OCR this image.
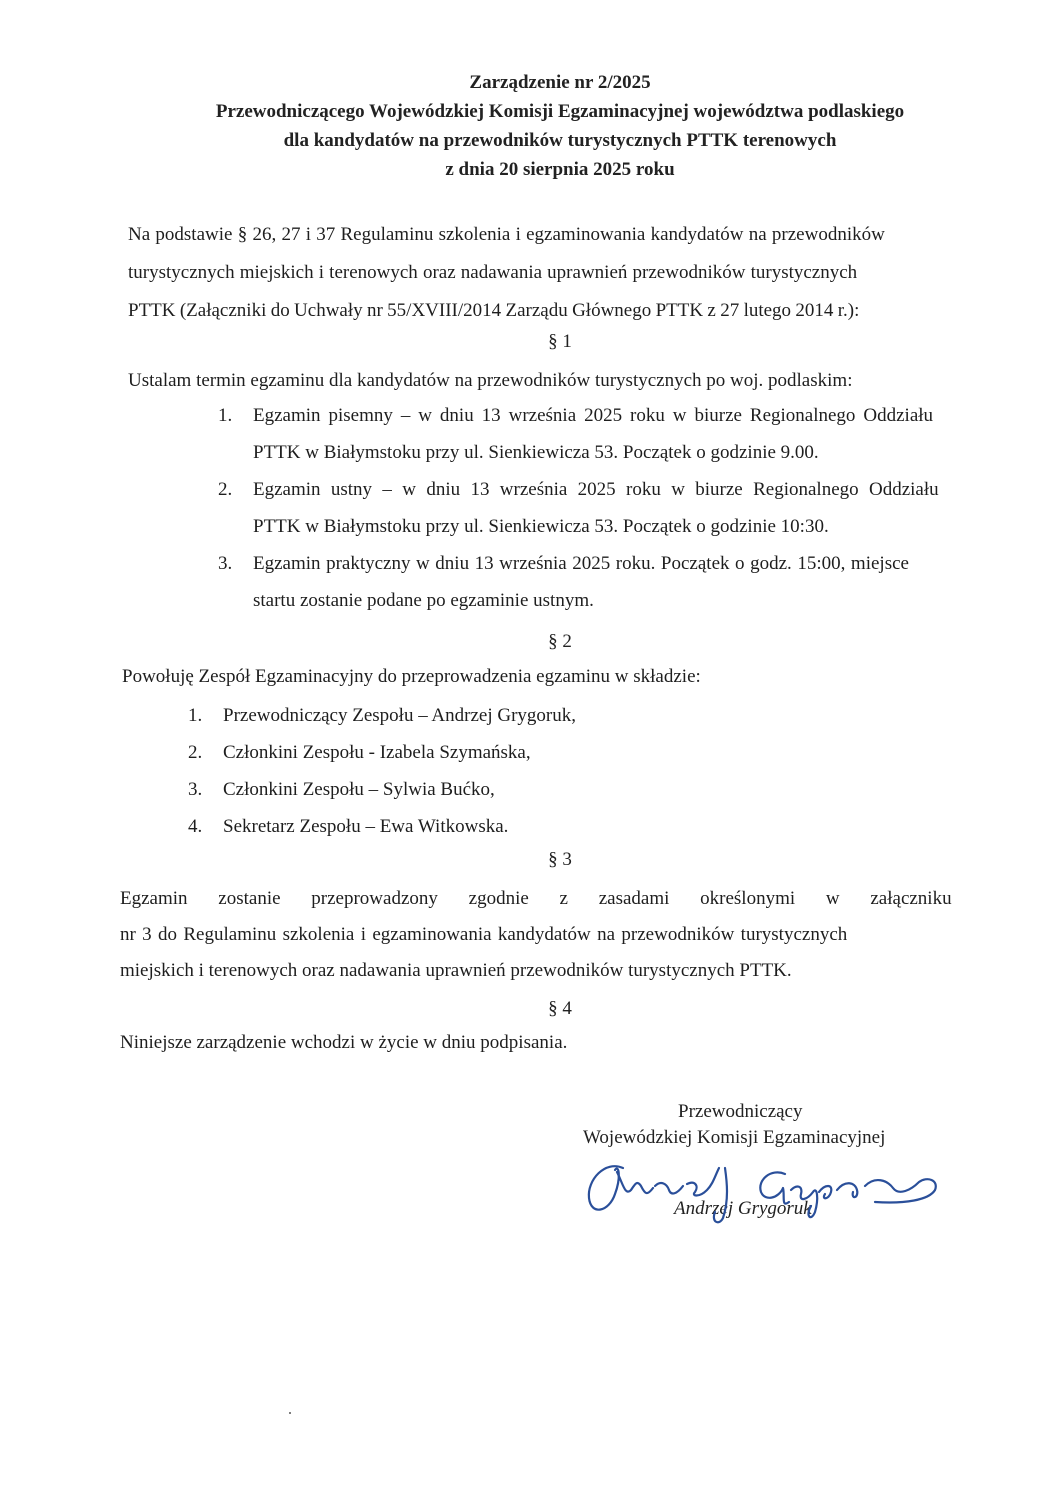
Zarządzenie nr 2/2025
Przewodniczącego Wojewódzkiej Komisji Egzaminacyjnej województwa podlaskiego
dla kandydatów na przewodników turystycznych PTTK terenowych
z dnia 20 sierpnia 2025 roku
Na podstawie § 26, 27 i 37 Regulaminu szkolenia i egzaminowania kandydatów na przewodników
turystycznych miejskich i terenowych oraz nadawania uprawnień przewodników turystycznych
PTTK (Załączniki do Uchwały nr 55/XVIII/2014 Zarządu Głównego PTTK z 27 lutego 2014 r.):
§ 1
Ustalam termin egzaminu dla kandydatów na przewodników turystycznych po woj. podlaskim:
1. Egzamin pisemny – w dniu 13 września 2025 roku w biurze Regionalnego Oddziału
PTTK w Białymstoku przy ul. Sienkiewicza 53. Początek o godzinie 9.00.
2. Egzamin ustny – w dniu 13 września 2025 roku w biurze Regionalnego Oddziału
PTTK w Białymstoku przy ul. Sienkiewicza 53. Początek o godzinie 10:30.
3. Egzamin praktyczny w dniu 13 września 2025 roku. Początek o godz. 15:00, miejsce
startu zostanie podane po egzaminie ustnym.
§ 2
Powołuję Zespół Egzaminacyjny do przeprowadzenia egzaminu w składzie:
1. Przewodniczący Zespołu – Andrzej Grygoruk,
2. Członkini Zespołu - Izabela Szymańska,
3. Członkini Zespołu – Sylwia Bućko,
4. Sekretarz Zespołu – Ewa Witkowska.
§ 3
Egzamin zostanie przeprowadzony zgodnie z zasadami określonymi w załączniku
nr 3 do Regulaminu szkolenia i egzaminowania kandydatów na przewodników turystycznych
miejskich i terenowych oraz nadawania uprawnień przewodników turystycznych PTTK.
§ 4
Niniejsze zarządzenie wchodzi w życie w dniu podpisania.
Przewodniczący
Wojewódzkiej Komisji Egzaminacyjnej
Andrzej Grygoruk
